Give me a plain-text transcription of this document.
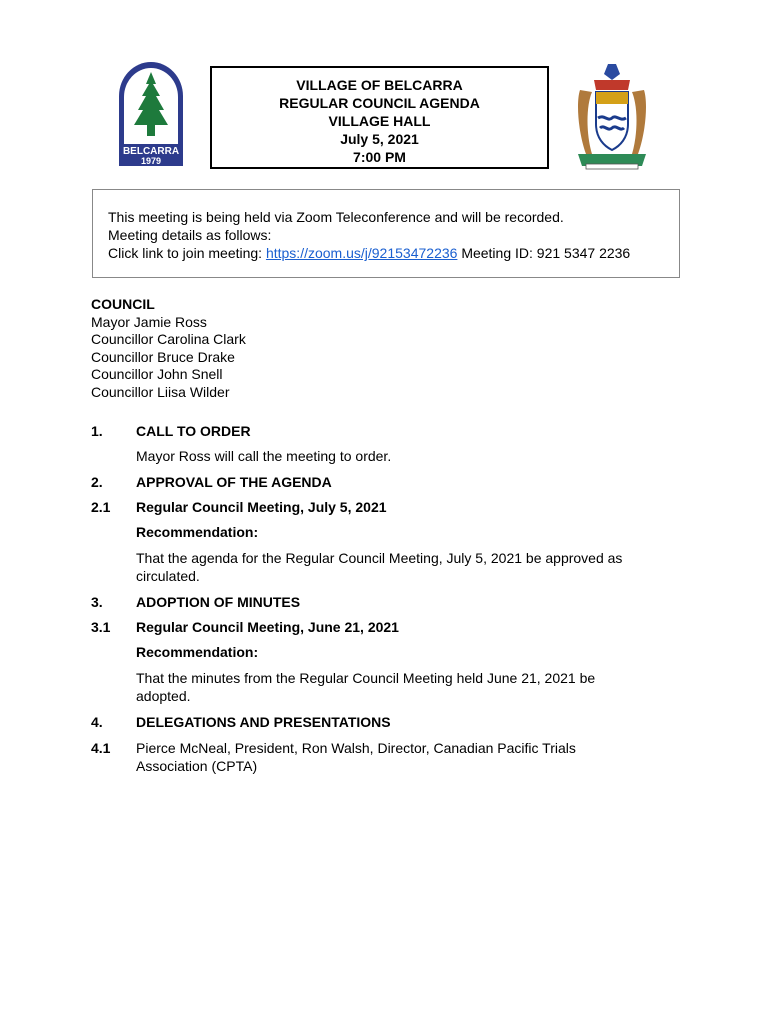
BELCARRA
1979
VILLAGE OF BELCARRA
REGULAR COUNCIL AGENDA
VILLAGE HALL
July 5, 2021
7:00 PM
This meeting is being held via Zoom Teleconference and will be recorded.
Meeting details as follows:
Click link to join meeting: https://zoom.us/j/92153472236 Meeting ID: 921 5347 2236
COUNCIL
Mayor Jamie Ross
Councillor Carolina Clark
Councillor Bruce Drake
Councillor John Snell
Councillor Liisa Wilder
1. CALL TO ORDER
Mayor Ross will call the meeting to order.
2. APPROVAL OF THE AGENDA
2.1 Regular Council Meeting, July 5, 2021
Recommendation:
That the agenda for the Regular Council Meeting, July 5, 2021 be approved as
circulated.
3. ADOPTION OF MINUTES
3.1 Regular Council Meeting, June 21, 2021
Recommendation:
That the minutes from the Regular Council Meeting held June 21, 2021 be
adopted.
4. DELEGATIONS AND PRESENTATIONS
4.1 Pierce McNeal, President, Ron Walsh, Director, Canadian Pacific Trials
Association (CPTA)
